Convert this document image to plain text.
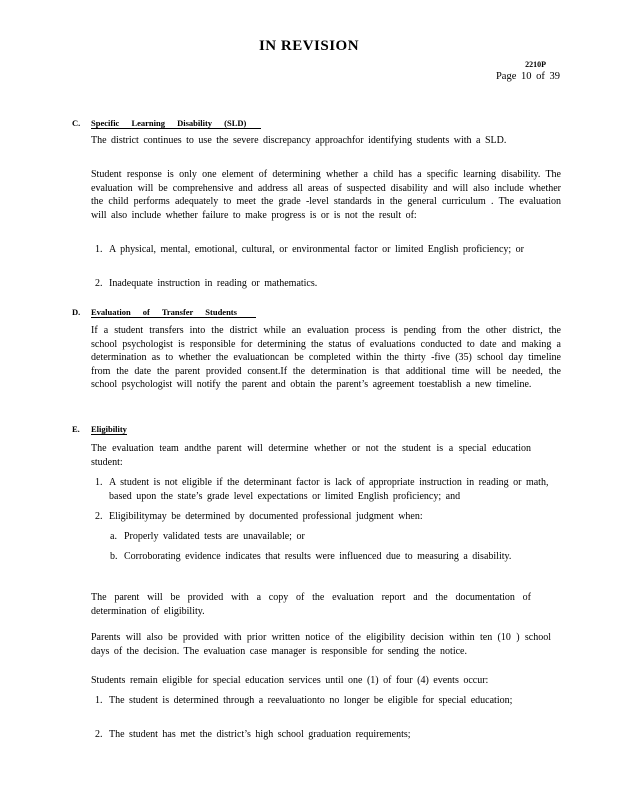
IN REVISION
2210P
Page 10 of 39
C. Specific Learning Disability (SLD)
The district continues to use the severe discrepancy approachfor identifying students with a SLD.
Student response is only one element of determining whether a child has a specific learning disability. The evaluation will be comprehensive and address all areas of suspected disability and will also include whether the child performs adequately to meet the grade -level standards in the general curriculum . The evaluation will also include whether failure to make progress is or is not the result of:
1. A physical, mental, emotional, cultural, or environmental factor or limited English proficiency; or
2. Inadequate instruction in reading or mathematics.
D. Evaluation of Transfer Students
If a student transfers into the district while an evaluation process is pending from the other district, the school psychologist is responsible for determining the status of evaluations conducted to date and making a determination as to whether the evaluationcan be completed within the thirty -five (35) school day timeline from the date the parent provided consent.If the determination is that additional time will be needed, the school psychologist will notify the parent and obtain the parent’s agreement toestablish a new timeline.
E. Eligibility
The evaluation team andthe parent will determine whether or not the student is a special education student:
1. A student is not eligible if the determinant factor is lack of appropriate instruction in reading or math, based upon the state’s grade level expectations or limited English proficiency; and
2. Eligibilitymay be determined by documented professional judgment when:
a. Properly validated tests are unavailable; or
b. Corroborating evidence indicates that results were influenced due to measuring a disability.
The parent will be provided with a copy of the evaluation report and the documentation of determination of eligibility.
Parents will also be provided with prior written notice of the eligibility decision within ten (10 ) school days of the decision. The evaluation case manager is responsible for sending the notice.
Students remain eligible for special education services until one (1) of four (4) events occur:
1. The student is determined through a reevaluationto no longer be eligible for special education;
2. The student has met the district’s high school graduation requirements;
